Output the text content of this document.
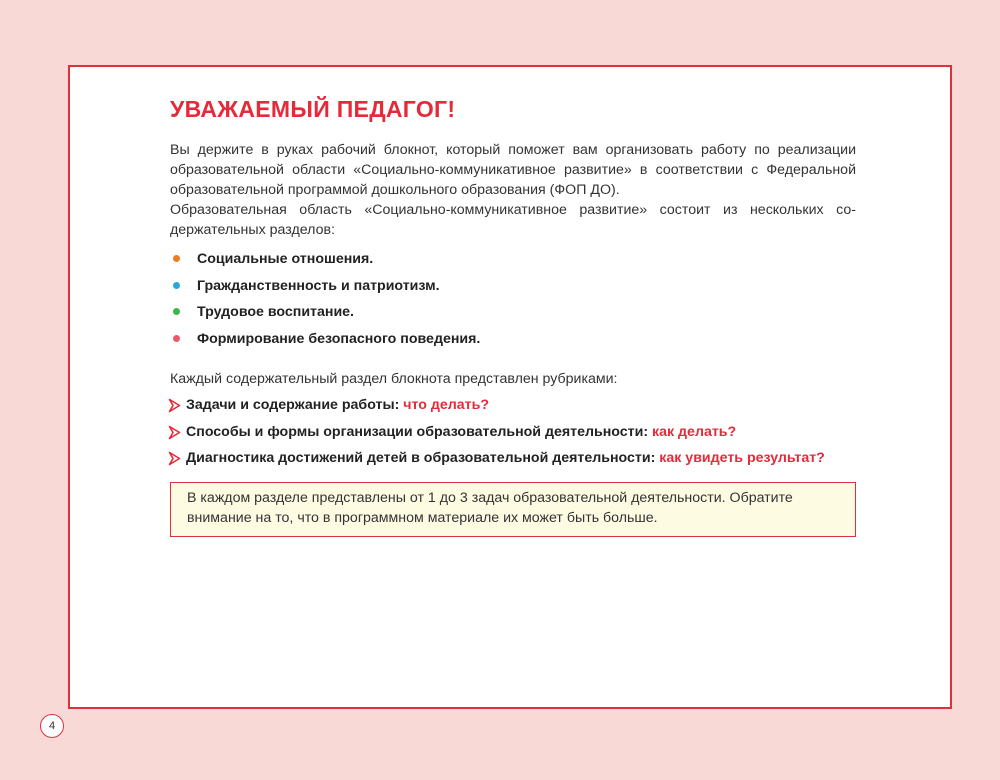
УВАЖАЕМЫЙ ПЕДАГОГ!

Вы держите в руках рабочий блокнот, который поможет вам организовать работу по реализации образовательной области «Социально-коммуникативное развитие» в соответствии с Федеральной образовательной программой дошкольного образования (ФОП ДО).

Образовательная область «Социально-коммуникативное развитие» состоит из нескольких содержательных разделов:

Социальные отношения.
Гражданственность и патриотизм.
Трудовое воспитание.
Формирование безопасного поведения.
Каждый содержательный раздел блокнота представлен рубриками:
Задачи и содержание работы: что делать?
Способы и формы организации образовательной деятельности: как делать?
Диагностика достижений детей в образовательной деятельности: как увидеть результат?
В каждом разделе представлены от 1 до 3 задач образовательной деятельности. Обратите внимание на то, что в программном материале их может быть больше.
4
